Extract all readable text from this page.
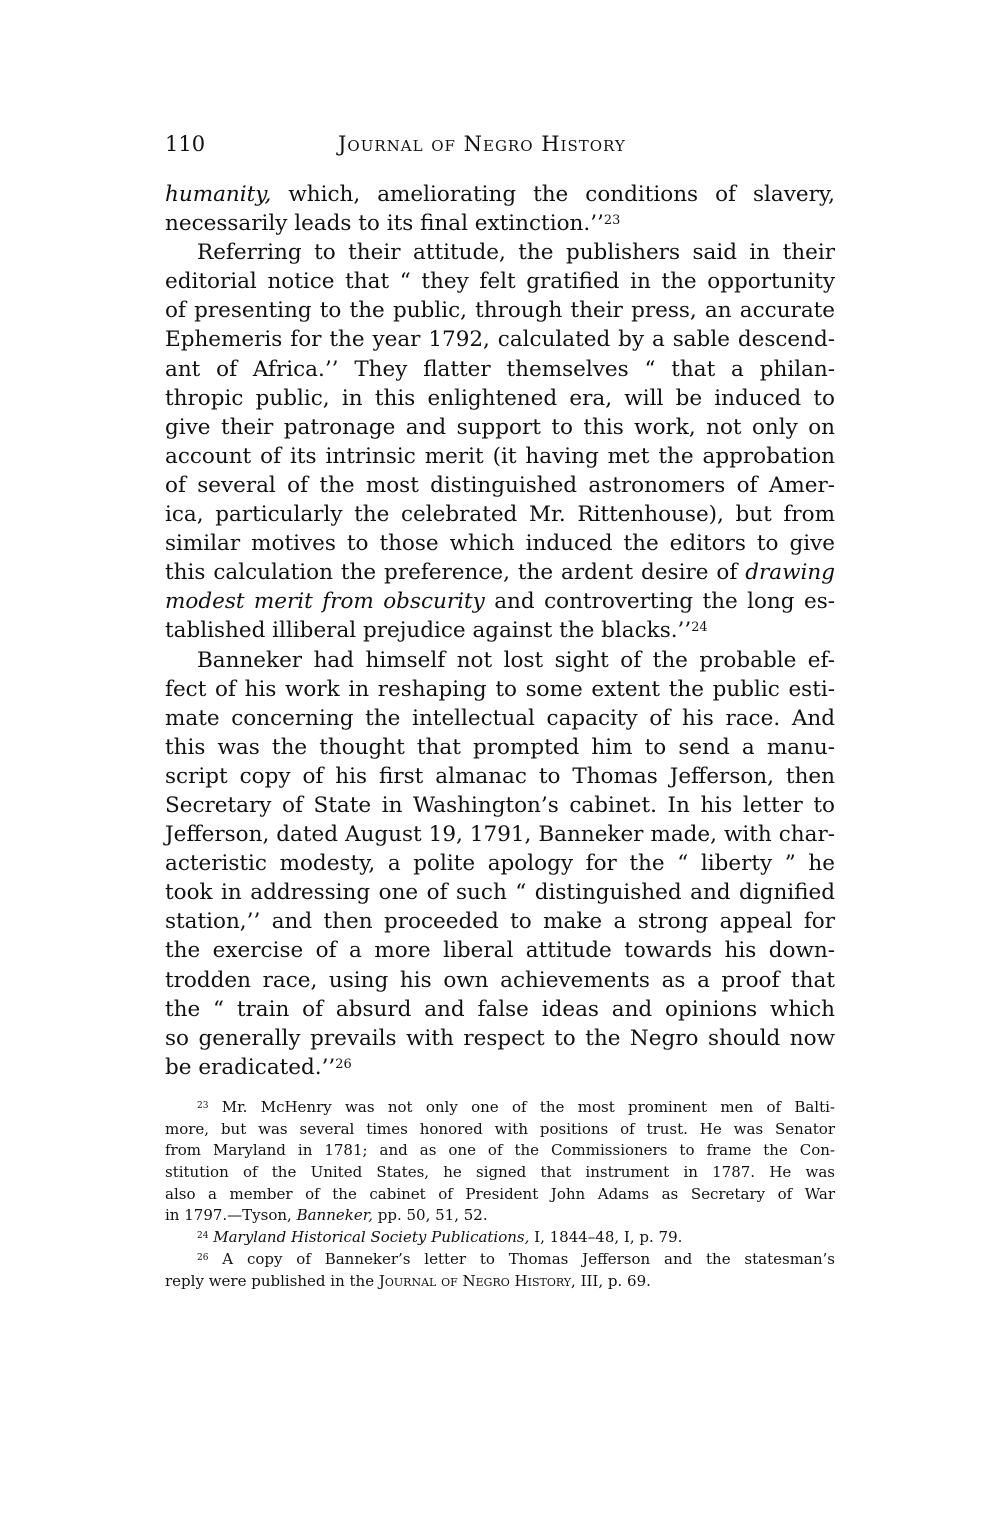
110	Journal of Negro History
humanity, which, ameliorating the conditions of slavery,
necessarily leads to its final extinction.’’$^{23}$
Referring to their attitude, the publishers said in their
editorial notice that “ they felt gratified in the opportunity
of presenting to the public, through their press, an accurate
Ephemeris for the year 1792, calculated by a sable descend-
ant of Africa.’’ They flatter themselves “ that a philan-
thropic public, in this enlightened era, will be induced to
give their patronage and support to this work, not only on
account of its intrinsic merit (it having met the approbation
of several of the most distinguished astronomers of Amer-
ica, particularly the celebrated Mr. Rittenhouse), but from
similar motives to those which induced the editors to give
this calculation the preference, the ardent desire of drawing
modest merit from obscurity and controverting the long es-
tablished illiberal prejudice against the blacks.’’$^{24}$
Banneker had himself not lost sight of the probable ef-
fect of his work in reshaping to some extent the public esti-
mate concerning the intellectual capacity of his race. And
this was the thought that prompted him to send a manu-
script copy of his first almanac to Thomas Jefferson, then
Secretary of State in Washington’s cabinet. In his letter to
Jefferson, dated August 19, 1791, Banneker made, with char-
acteristic modesty, a polite apology for the “ liberty ” he
took in addressing one of such “ distinguished and dignified
station,’’ and then proceeded to make a strong appeal for
the exercise of a more liberal attitude towards his down-
trodden race, using his own achievements as a proof that
the “ train of absurd and false ideas and opinions which
so generally prevails with respect to the Negro should now
be eradicated.’’$^{26}$
$^{23}$ Mr. McHenry was not only one of the most prominent men of Balti-
more, but was several times honored with positions of trust. He was Senator
from Maryland in 1781; and as one of the Commissioners to frame the Con-
stitution of the United States, he signed that instrument in 1787. He was
also a member of the cabinet of President John Adams as Secretary of War
in 1797.—Tyson, Banneker, pp. 50, 51, 52.
$^{24}$ Maryland Historical Society Publications, I, 1844–48, I, p. 79.
$^{26}$ A copy of Banneker’s letter to Thomas Jefferson and the statesman’s
reply were published in the Journal of Negro History, III, p. 69.
